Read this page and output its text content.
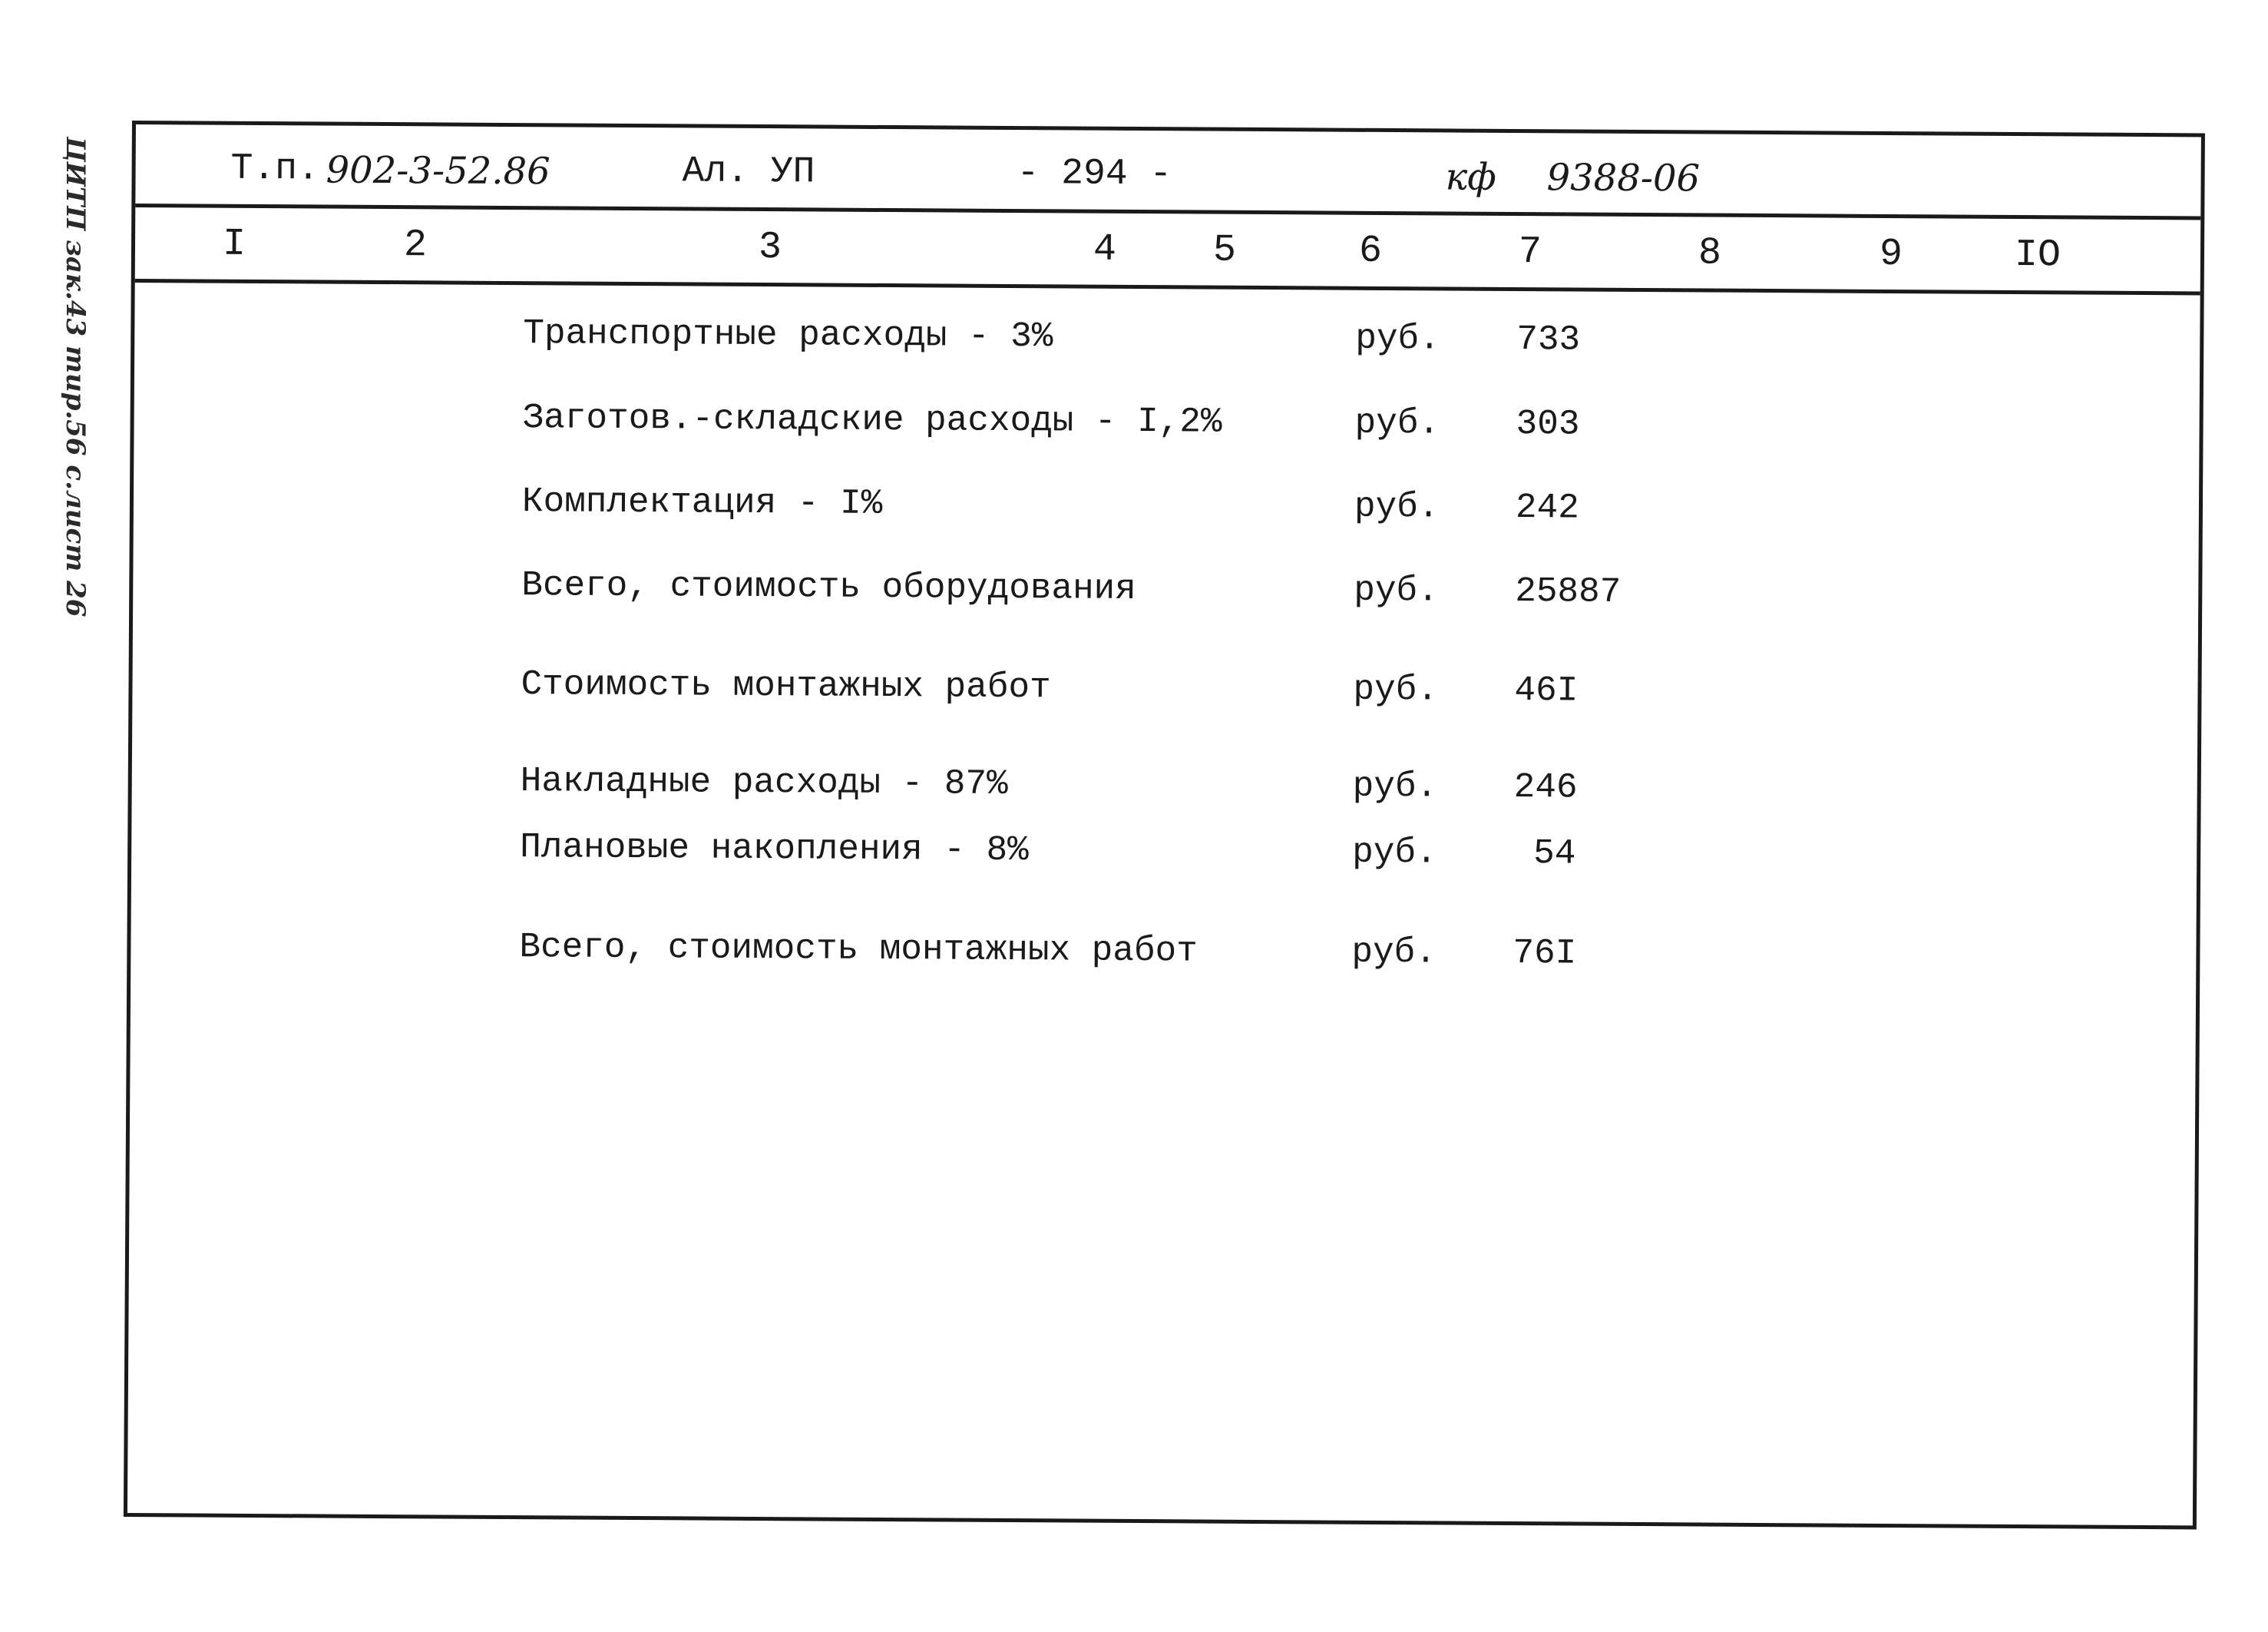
ЦИТП зак.43 тир.56 с.лист 26	Т.п. 902-3-52.86	Ал. УП	- 294 -	кф 9388-06
I	2	3	4	5	6	7	8	9	IO
Транспортные расходы - 3%	руб. 733
Заготов.-складские расходы - I,2%	руб. 303
Комплектация - I%	руб. 242
Всего, стоимость оборудования	руб. 25887
Стоимость монтажных работ	руб. 46I
Накладные расходы - 87%	руб. 246
Плановые накопления - 8%	руб.	54
Всего, стоимость монтажных работ	руб. 76I
